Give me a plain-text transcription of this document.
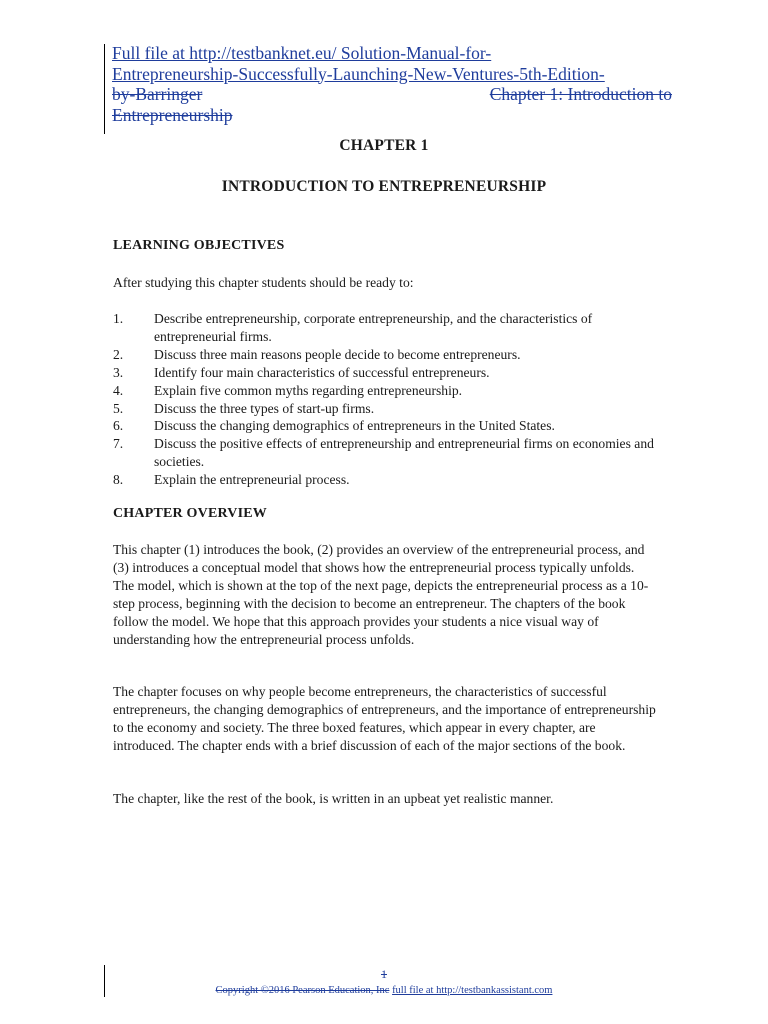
Full file at http://testbanknet.eu/ Solution-Manual-for-
Entrepreneurship-Successfully-Launching-New-Ventures-5th-Edition-
by-Barringer	Chapter 1: Introduction to
Entrepreneurship
CHAPTER 1
INTRODUCTION TO ENTREPRENEURSHIP
LEARNING OBJECTIVES
After studying this chapter students should be ready to:
1.	Describe entrepreneurship, corporate entrepreneurship, and the characteristics of entrepreneurial firms.
2.	Discuss three main reasons people decide to become entrepreneurs.
3.	Identify four main characteristics of successful entrepreneurs.
4.	Explain five common myths regarding entrepreneurship.
5.	Discuss the three types of start-up firms.
6.	Discuss the changing demographics of entrepreneurs in the United States.
7.	Discuss the positive effects of entrepreneurship and entrepreneurial firms on economies and societies.
8.	Explain the entrepreneurial process.
CHAPTER OVERVIEW
This chapter (1) introduces the book, (2) provides an overview of the entrepreneurial process, and (3) introduces a conceptual model that shows how the entrepreneurial process typically unfolds. The model, which is shown at the top of the next page, depicts the entrepreneurial process as a 10-step process, beginning with the decision to become an entrepreneur. The chapters of the book follow the model. We hope that this approach provides your students a nice visual way of understanding how the entrepreneurial process unfolds.
The chapter focuses on why people become entrepreneurs, the characteristics of successful entrepreneurs, the changing demographics of entrepreneurs, and the importance of entrepreneurship to the economy and society. The three boxed features, which appear in every chapter, are introduced. The chapter ends with a brief discussion of each of the major sections of the book.
The chapter, like the rest of the book, is written in an upbeat yet realistic manner.
1
Copyright ©2016 Pearson Education, Inc full file at http://testbankassistant.com
